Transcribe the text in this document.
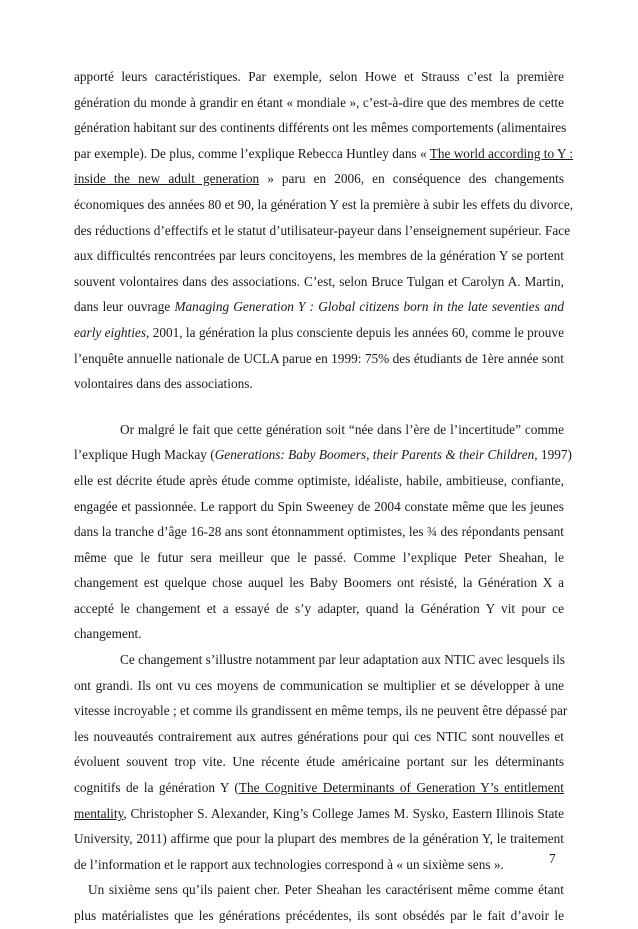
apporté leurs caractéristiques. Par exemple, selon Howe et Strauss c’est la première
génération du monde à grandir en étant « mondiale », c’est-à-dire que des membres de cette
génération habitant sur des continents différents ont les mêmes comportements (alimentaires
par exemple). De plus, comme l’explique Rebecca Huntley dans « The world according to Y :
inside the new adult generation » paru en 2006, en conséquence des changements
économiques des années 80 et 90, la génération Y est la première à subir les effets du divorce,
des réductions d’effectifs et le statut d’utilisateur-payeur dans l’enseignement supérieur. Face
aux difficultés rencontrées par leurs concitoyens, les membres de la génération Y se portent
souvent volontaires dans des associations. C’est, selon Bruce Tulgan et Carolyn A. Martin,
dans leur ouvrage Managing Generation Y : Global citizens born in the late seventies and
early eighties, 2001, la génération la plus consciente depuis les années 60, comme le prouve
l’enquête annuelle nationale de UCLA parue en 1999: 75% des étudiants de 1ère année sont
volontaires dans des associations.
Or malgré le fait que cette génération soit “née dans l’ère de l’incertitude” comme
l’explique Hugh Mackay (Generations: Baby Boomers, their Parents & their Children, 1997)
elle est décrite étude après étude comme optimiste, idéaliste, habile, ambitieuse, confiante,
engagée et passionnée. Le rapport du Spin Sweeney de 2004 constate même que les jeunes
dans la tranche d’âge 16-28 ans sont étonnamment optimistes, les ¾ des répondants pensant
même que le futur sera meilleur que le passé. Comme l’explique Peter Sheahan, le
changement est quelque chose auquel les Baby Boomers ont résisté, la Génération X a
accepté le changement et a essayé de s’y adapter, quand la Génération Y vit pour ce
changement.
Ce changement s’illustre notamment par leur adaptation aux NTIC avec lesquels ils
ont grandi. Ils ont vu ces moyens de communication se multiplier et se développer à une
vitesse incroyable ; et comme ils grandissent en même temps, ils ne peuvent être dépassé par
les nouveautés contrairement aux autres générations pour qui ces NTIC sont nouvelles et
évoluent souvent trop vite. Une récente étude américaine portant sur les déterminants
cognitifs de la génération Y (The Cognitive Determinants of Generation Y’s entitlement
mentality, Christopher S. Alexander, King’s College James M. Sysko, Eastern Illinois State
University, 2011) affirme que pour la plupart des membres de la génération Y, le traitement
de l’information et le rapport aux technologies correspond à « un sixième sens ».
Un sixième sens qu’ils paient cher. Peter Sheahan les caractérisent même comme étant
plus matérialistes que les générations précédentes, ils sont obsédés par le fait d’avoir le
7
